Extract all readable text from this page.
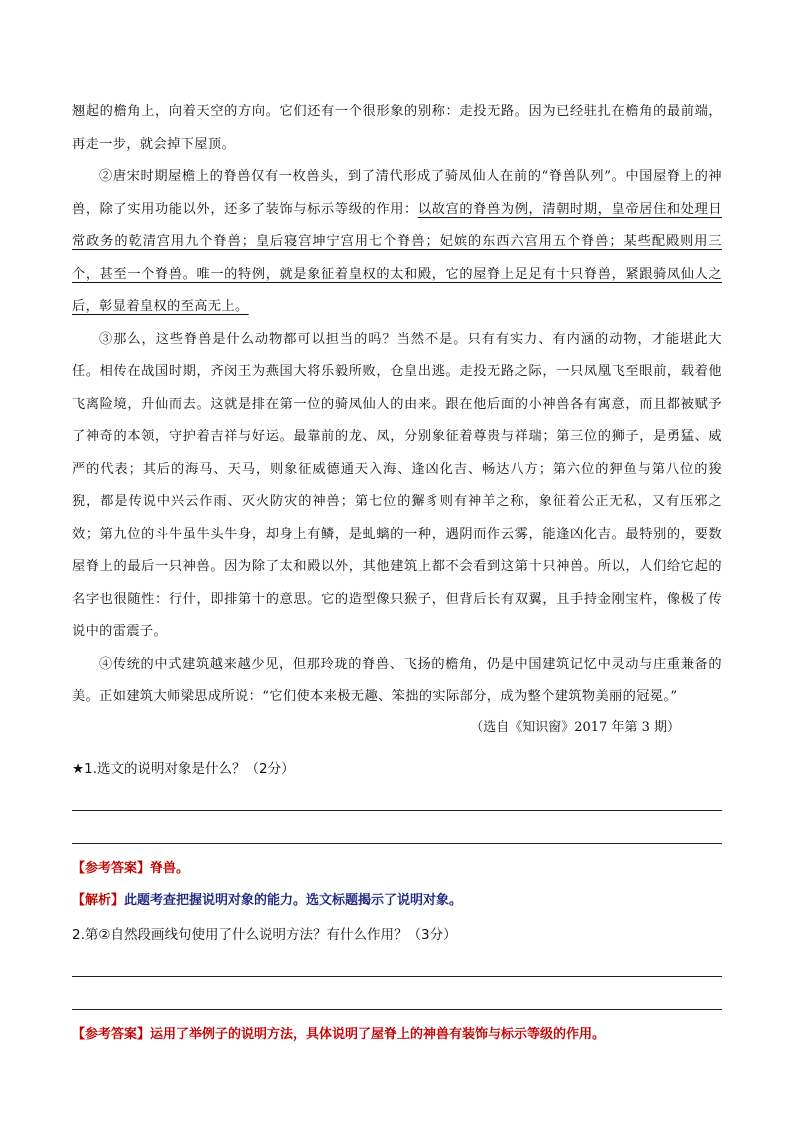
翘起的檐角上，向着天空的方向。它们还有一个很形象的别称：走投无路。因为已经驻扎在檐角的最前端，再走一步，就会掉下屋顶。

②唐宋时期屋檐上的脊兽仅有一枚兽头，到了清代形成了骑凤仙人在前的“脊兽队列”。中国屋脊上的神兽，除了实用功能以外，还多了装饰与标示等级的作用：以故宫的脊兽为例，清朝时期，皇帝居住和处理日常政务的乾清宫用九个脊兽；皇后寝宫坤宁宫用七个脊兽；妃嫔的东西六宫用五个脊兽；某些配殿则用三个，甚至一个脊兽。唯一的特例，就是象征着皇权的太和殿，它的屋脊上足足有十只脊兽，紧跟骑凤仙人之后，彰显着皇权的至高无上。

③那么，这些脊兽是什么动物都可以担当的吗？当然不是。只有有实力、有内涵的动物，才能堪此大任。相传在战国时期，齐闵王为燕国大将乐毅所败，仓皇出逃。走投无路之际，一只凤凰飞至眼前，载着他飞离险境，升仙而去。这就是排在第一位的骑凤仙人的由来。跟在他后面的小神兽各有寓意，而且都被赋予了神奇的本领，守护着吉祥与好运。最靠前的龙、凤，分别象征着尊贵与祥瑞；第三位的狮子，是勇猛、威严的代表；其后的海马、天马，则象征威德通天入海、逢凶化吉、畅达八方；第六位的狎鱼与第八位的狻猊，都是传说中兴云作雨、灭火防灾的神兽；第七位的獬豸则有神羊之称，象征着公正无私，又有压邪之效；第九位的斗牛虽牛头牛身，却身上有鳞，是虬螭的一种，遇阴而作云雾，能逢凶化吉。最特别的，要数屋脊上的最后一只神兽。因为除了太和殿以外，其他建筑上都不会看到这第十只神兽。所以，人们给它起的名字也很随性：行什，即排第十的意思。它的造型像只猴子，但背后长有双翼，且手持金刚宝杵，像极了传说中的雷震子。

④传统的中式建筑越来越少见，但那玲珑的脊兽、飞扬的檐角，仍是中国建筑记忆中灵动与庄重兼备的美。正如建筑大师梁思成所说：“它们使本来极无趣、笨拙的实际部分，成为整个建筑物美丽的冠冕。”

（选自《知识窗》2017 年第 3 期）

★1.选文的说明对象是什么？（2分）

【参考答案】脊兽。

【解析】此题考查把握说明对象的能力。选文标题揭示了说明对象。

2.第②自然段画线句使用了什么说明方法？有什么作用？（3分）

【参考答案】运用了举例子的说明方法，具体说明了屋脊上的神兽有装饰与标示等级的作用。
